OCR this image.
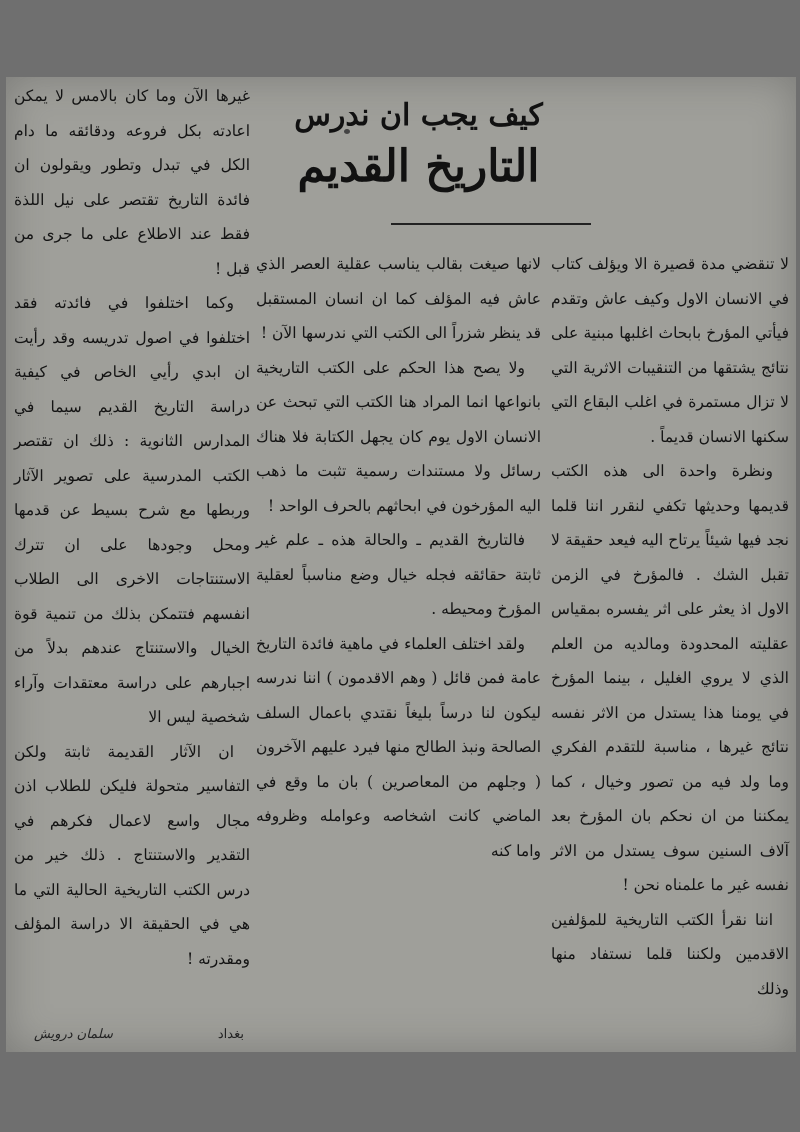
كيف يجب ان ندرس
التاريخ القديم

لا تنقضي مدة قصيرة الا ويؤلف كتاب في الانسان الاول وكيف عاش وتقدم فيأتي المؤرخ بابحاث اغلبها مبنية على نتائج يشتقها من التنقيبات الاثرية التي لا تزال مستمرة في اغلب البقاع التي سكنها الانسان قديماً .

ونظرة واحدة الى هذه الكتب قديمها وحديثها تكفي لنقرر اننا قلما نجد فيها شيئاً يرتاح اليه فيعد حقيقة لا تقبل الشك . فالمؤرخ في الزمن الاول اذ يعثر على اثر يفسره بمقياس عقليته المحدودة ومالديه من العلم الذي لا يروي الغليل ، بينما المؤرخ في يومنا هذا يستدل من الاثر نفسه نتائج غيرها ، مناسبة للتقدم الفكري وما ولد فيه من تصور وخيال ، كما يمكننا من ان نحكم بان المؤرخ بعد آلاف السنين سوف يستدل من الاثر نفسه غير ما علمناه نحن !

اننا نقرأ الكتب التاريخية للمؤلفين الاقدمين ولكننا قلما نستفاد منها وذلك

لانها صيغت بقالب يناسب عقلية العصر الذي عاش فيه المؤلف كما ان انسان المستقبل قد ينظر شزراً الى الكتب التي ندرسها الآن !

ولا يصح هذا الحكم على الكتب التاريخية بانواعها انما المراد هنا الكتب التي تبحث عن الانسان الاول يوم كان يجهل الكتابة فلا هناك رسائل ولا مستندات رسمية تثبت ما ذهب اليه المؤرخون في ابحاثهم بالحرف الواحد !

فالتاريخ القديم ـ والحالة هذه ـ علم غير ثابتة حقائقه فجله خيال وضع مناسباً لعقلية المؤرخ ومحيطه .

ولقد اختلف العلماء في ماهية فائدة التاريخ عامة فمن قائل ( وهم الاقدمون ) اننا ندرسه ليكون لنا درساً بليغاً نقتدي باعمال السلف الصالحة ونبذ الطالح منها فيرد عليهم الآخرون ( وجلهم من المعاصرين ) بان ما وقع في الماضي كانت اشخاصه وعوامله وظروفه واما كنه

غيرها الآن وما كان بالامس لا يمكن اعادته بكل فروعه ودقائقه ما دام الكل في تبدل وتطور ويقولون ان فائدة التاريخ تقتصر على نيل اللذة فقط عند الاطلاع على ما جرى من قبل !

وكما اختلفوا في فائدته فقد اختلفوا في اصول تدريسه وقد رأيت ان ابدي رأيي الخاص في كيفية دراسة التاريخ القديم سيما في المدارس الثانوية : ذلك ان تقتصر الكتب المدرسية على تصوير الآثار وربطها مع شرح بسيط عن قدمها ومحل وجودها على ان تترك الاستنتاجات الاخرى الى الطلاب انفسهم فتتمكن بذلك من تنمية قوة الخيال والاستنتاج عندهم بدلاً من اجبارهم على دراسة معتقدات وآراء شخصية ليس الا

ان الآثار القديمة ثابتة ولكن التفاسير متحولة فليكن للطلاب اذن مجال واسع لاعمال فكرهم في التقدير والاستنتاج . ذلك خير من درس الكتب التاريخية الحالية التي ما هي في الحقيقة الا دراسة المؤلف ومقدرته !

بغداد
سلمان درويش
